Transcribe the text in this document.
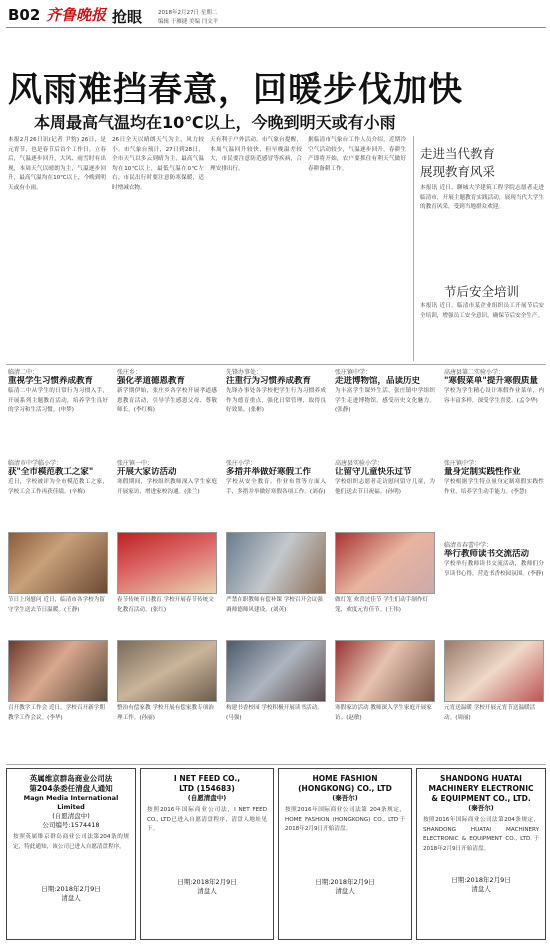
B02 齐鲁晚报 抢眼	2018年2月27日 星期二
编辑 于雁捷 美编 闫文平
风雨难挡春意，回暖步伐加快
本周最高气温均在10℃以上，今晚到明天或有小雨
本报2月26日讯(记者 尹豹) 26日，是元宵节，也是春节后首个工作日。立春后，气温逐步回升，大风、雨雪时有出现，本周天气以晴朗为主，气温逐步回升，最高气温均在10℃以上，今晚到明天或有小雨。
26日全天以晴朗天气为主，风力较小。市气象台预计，27日到28日，全市天气以多云到晴为主，最高气温均在10℃以上，最低气温在0℃左右。市民出行时要注意防寒保暖，适时增减衣物。
天有利于户外活动。市气象台提醒，本周气温回升较快，但早晚温差较大，市民要注意防范感冒等疾病，合理安排出行。
据临清市气象台工作人员介绍，近期冷空气活动较少，气温逐步回升，春耕生产即将开始，农户要抓住有利天气做好春耕备耕工作。
走进当代教育
展现教育风采
本报讯 近日，聊城大学建筑工程学院志愿者走进临清市，开展主题教育实践活动，展现当代大学生的教育风采，受到当地群众欢迎。
节后安全培训
本报讯 近日，临清市某企业组织员工开展节后安全培训，增强员工安全意识，确保节后安全生产。
临清二中：
重视学生习惯养成教育
临清二中从学生的日常行为习惯入手，开展系列主题教育活动，培养学生良好的学习和生活习惯。(申梦)
张庄乡：
强化孝道德恩教育
新学期伊始，张庄乡各学校开展孝道感恩教育活动，引导学生感恩父母、尊敬师长。(李红梅)
先锋办事处：
注重行为习惯养成教育
先锋办事处各学校把学生行为习惯养成作为德育重点，强化日常管理，取得良好效果。(张彬)
张庄镇中学：
走进博物馆，品读历史
为丰富学生课外生活，张庄镇中学组织学生走进博物馆，感受历史文化魅力。(张静)
高唐县第二实验小学：
"寒假菜单"提升寒假质量
学校为学生精心设计寒假作业菜单，内容丰富多样，深受学生喜爱。(孟令华)
临清市中学临小学：
获"全市模范教工之家"
近日，学校被评为全市模范教工之家，学校工会工作再获佳绩。(辛梅)
张庄镇一中：
开展大家访活动
寒假期间，学校组织教师深入学生家庭开展家访，增进家校沟通。(张兰)
张庄小学：
多措并举做好寒假工作
学校从安全教育、作业布置等方面入手，多措并举做好寒假各项工作。(刘春)
高唐县实验小学：
让留守儿童快乐过节
学校组织志愿者走访慰问留守儿童，为他们送去节日祝福。(孙明)
张庄镇中学：
量身定制实践性作业
学校根据学生特点量身定制寒假实践性作业，培养学生动手能力。(李慧)
节日上岗慰问 近日，临清市各学校为留守学生送去节日温暖。(王静)
春节传统节日教育 学校开展春节传统文化教育活动。(张红)
严禁在职教师有偿补课 学校召开会议强调师德师风建设。(刘英)
做灯笼 欢喜过佳节 学生们动手制作灯笼，欢度元宵佳节。(王伟)
临清市春蕾中学：
举行教师读书交流活动
学校举行教师读书交流活动，教师们分享读书心得，营造书香校园氛围。(李静)
召开教学工作会 近日，学校召开新学期教学工作会议。(李华)
整治有偿家教 学校开展有偿家教专项治理工作。(孙丽)
构建书香校园 学校积极开展读书活动。(马强)
寒假家访活动 教师深入学生家庭开展家访。(赵敏)
元宵送温暖 学校开展元宵节送温暖活动。(周丽)
英属维京群岛商业公司法
第204条委任清盘人通知
Magn Media International Limited
(自愿清盘中)
公司编号:1574418
按照英属维京群岛商业公司法第204条的规定，特此通知，该公司已进入自愿清盘程序。
日期:2018年2月9日
清盘人
I NET FEED CO.,
LTD (154683)
(自愿清盘中)
按照2016年国际商业公司法，I NET FEED CO., LTD已进入自愿清盘程序，清盘人地址见下。
日期:2018年2月9日
清盘人
HOME FASHION
(HONGKONG) CO., LTD
(秦吾尔)
按照2016年国际商业公司法第 204条规定，HOME FASHION (HONGKONG) CO., LTD于2018年2月9日开始清盘。
日期:2018年2月9日
清盘人
SHANDONG HUATAI
MACHINERY ELECTRONIC
& EQUIPMENT CO., LTD.
(秦吾尔)
按照2016年国际商业公司法第204条规定，SHANDONG HUATAI MACHINERY ELECTRONIC & EQUIPMENT CO., LTD.于2018年2月9日开始清盘。
日期:2018年2月9日
清盘人
